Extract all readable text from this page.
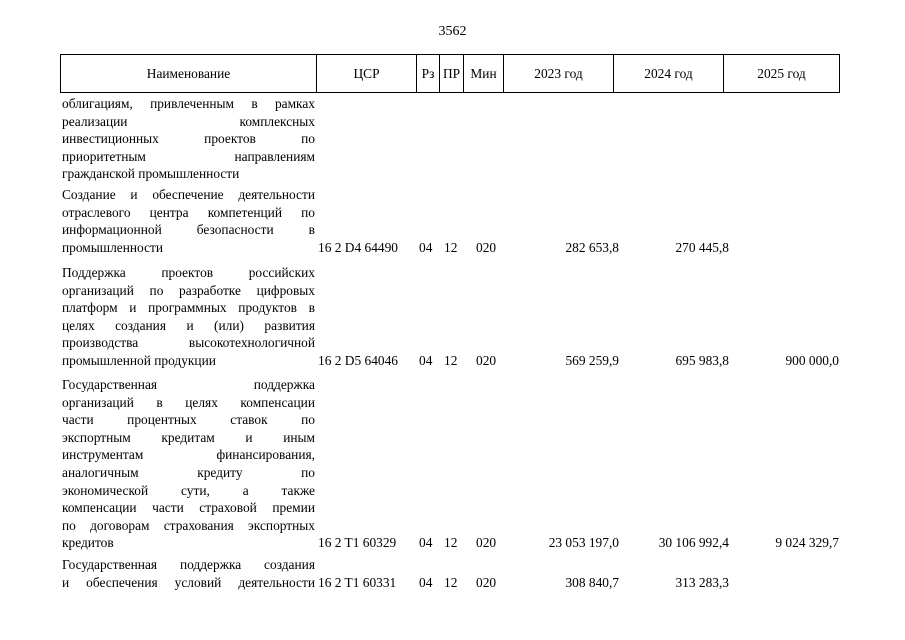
3562
Наименование	ЦСР	Рз ПР Мин	2023 год	2024 год	2025 год
облигациям, привлеченным в рамках
реализации комплексных
инвестиционных проектов по
приоритетным направлениям
гражданской промышленности
Создание и обеспечение деятельности
отраслевого центра компетенций по
информационной безопасности в
промышленности	16 2 D4 64490 04 12 020	282 653,8	270 445,8
Поддержка проектов российских
организаций по разработке цифровых
платформ и программных продуктов в
целях создания и (или) развития
производства высокотехнологичной
промышленной продукции	16 2 D5 64046 04 12 020	569 259,9	695 983,8	900 000,0
Государственная поддержка
организаций в целях компенсации
части процентных ставок по
экспортным кредитам и иным
инструментам финансирования,
аналогичным кредиту по
экономической сути, а также
компенсации части страховой премии
по договорам страхования экспортных
кредитов	16 2 T1 60329 04 12 020	23 053 197,0	30 106 992,4	9 024 329,7
Государственная поддержка создания
и обеспечения условий деятельности 16 2 T1 60331 04 12 020	308 840,7	313 283,3
